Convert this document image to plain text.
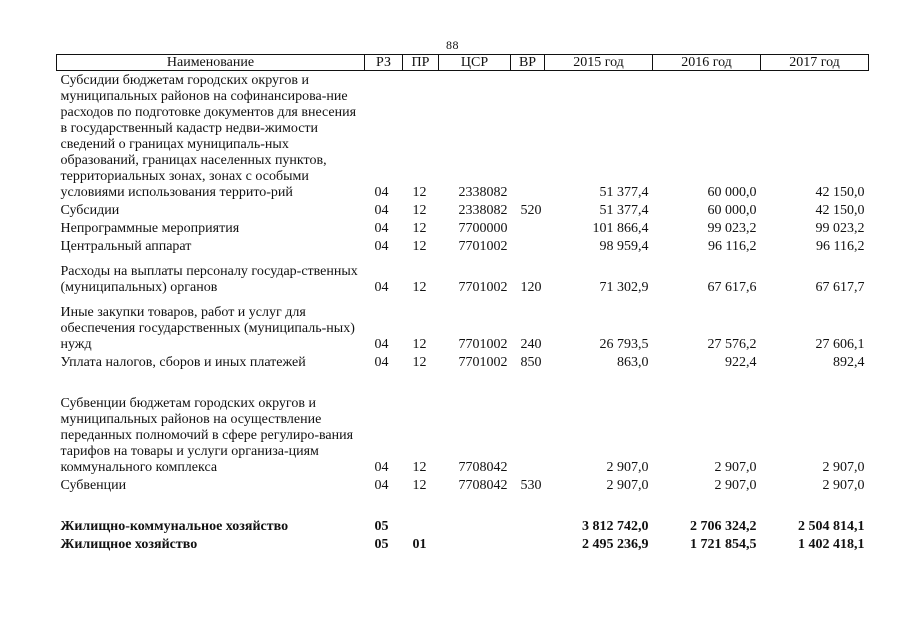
88
Наименование	РЗ	ПР	ЦСР	ВР	2015 год	2016 год	2017 год
Субсидии бюджетам городских округов и муниципальных районов на софинансирова-ние расходов по подготовке документов для внесения в государственный кадастр недви-жимости сведений о границах муниципаль-ных образований, границах населенных пунктов, территориальных зонах, зонах с особыми условиями использования террито-рий	04	12	2338082		51 377,4	60 000,0	42 150,0
Субсидии	04	12	2338082	520	51 377,4	60 000,0	42 150,0
Непрограммные мероприятия	04	12	7700000		101 866,4	99 023,2	99 023,2
Центральный аппарат	04	12	7701002		98 959,4	96 116,2	96 116,2
Расходы на выплаты персоналу государ-ственных (муниципальных) органов	04	12	7701002	120	71 302,9	67 617,6	67 617,7
Иные закупки товаров, работ и услуг для обеспечения государственных (муниципаль-ных) нужд	04	12	7701002	240	26 793,5	27 576,2	27 606,1
Уплата налогов, сборов и иных платежей	04	12	7701002	850	863,0	922,4	892,4
Субвенции бюджетам городских округов и муниципальных районов на осуществление переданных полномочий в сфере регулиро-вания тарифов на товары и услуги организа-циям коммунального комплекса	04	12	7708042		2 907,0	2 907,0	2 907,0
Субвенции	04	12	7708042	530	2 907,0	2 907,0	2 907,0
Жилищно-коммунальное хозяйство	05				3 812 742,0	2 706 324,2	2 504 814,1
Жилищное хозяйство	05	01			2 495 236,9	1 721 854,5	1 402 418,1
